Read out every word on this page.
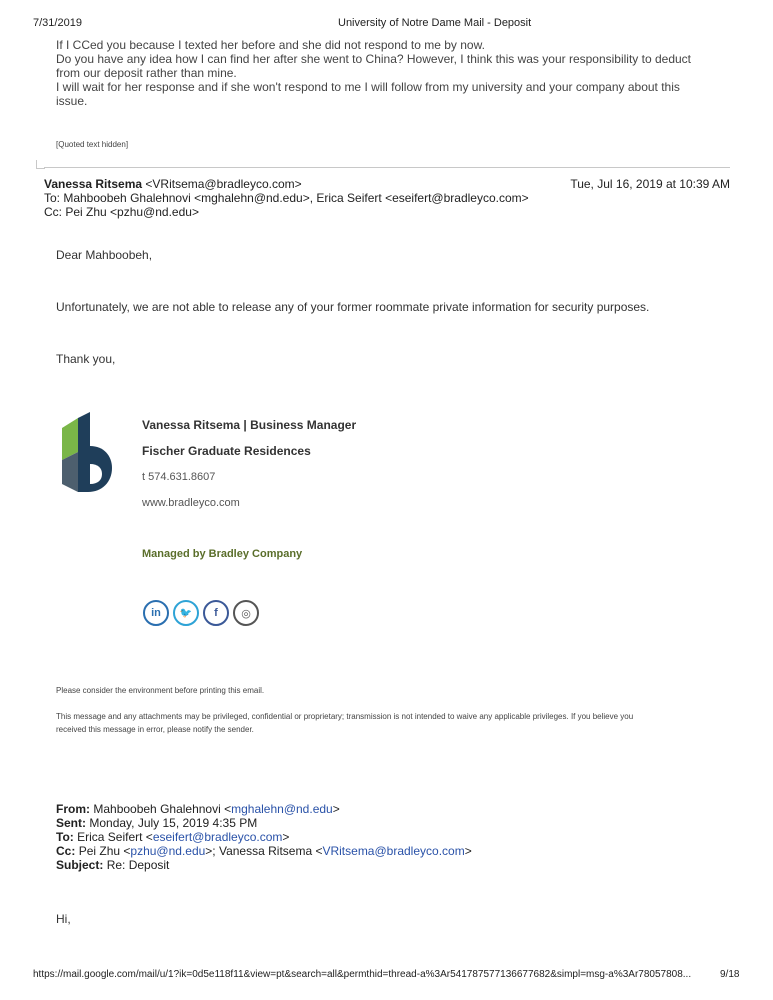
7/31/2019	University of Notre Dame Mail - Deposit
If I CCed you because I texted her before and she did not respond to me by now.
Do you have any idea how I can find her after she went to China? However, I think this was your responsibility to deduct
from our deposit rather than mine.
I will wait for her response and if she won't respond to me I will follow from my university and your company about this
issue.
[Quoted text hidden]
Vanessa Ritsema <VRitsema@bradleyco.com>	Tue, Jul 16, 2019 at 10:39 AM
To: Mahboobeh Ghalehnovi <mghalehn@nd.edu>, Erica Seifert <eseifert@bradleyco.com>
Cc: Pei Zhu <pzhu@nd.edu>
Dear Mahboobeh,
Unfortunately, we are not able to release any of your former roommate private information for security purposes.
Thank you,
Vanessa Ritsema | Business Manager
Fischer Graduate Residences
t 574.631.8607
www.bradleyco.com
Managed by Bradley Company
in	🐦	f	◎
Please consider the environment before printing this email.
This message and any attachments may be privileged, confidential or proprietary; transmission is not intended to waive any applicable privileges. If you believe you
received this message in error, please notify the sender.
From: Mahboobeh Ghalehnovi <mghalehn@nd.edu>
Sent: Monday, July 15, 2019 4:35 PM
To: Erica Seifert <eseifert@bradleyco.com>
Cc: Pei Zhu <pzhu@nd.edu>; Vanessa Ritsema <VRitsema@bradleyco.com>
Subject: Re: Deposit
Hi,
https://mail.google.com/mail/u/1?ik=0d5e118f11&view=pt&search=all&permthid=thread-a%3Ar541787577136677682&simpl=msg-a%3Ar78057808...	9/18
